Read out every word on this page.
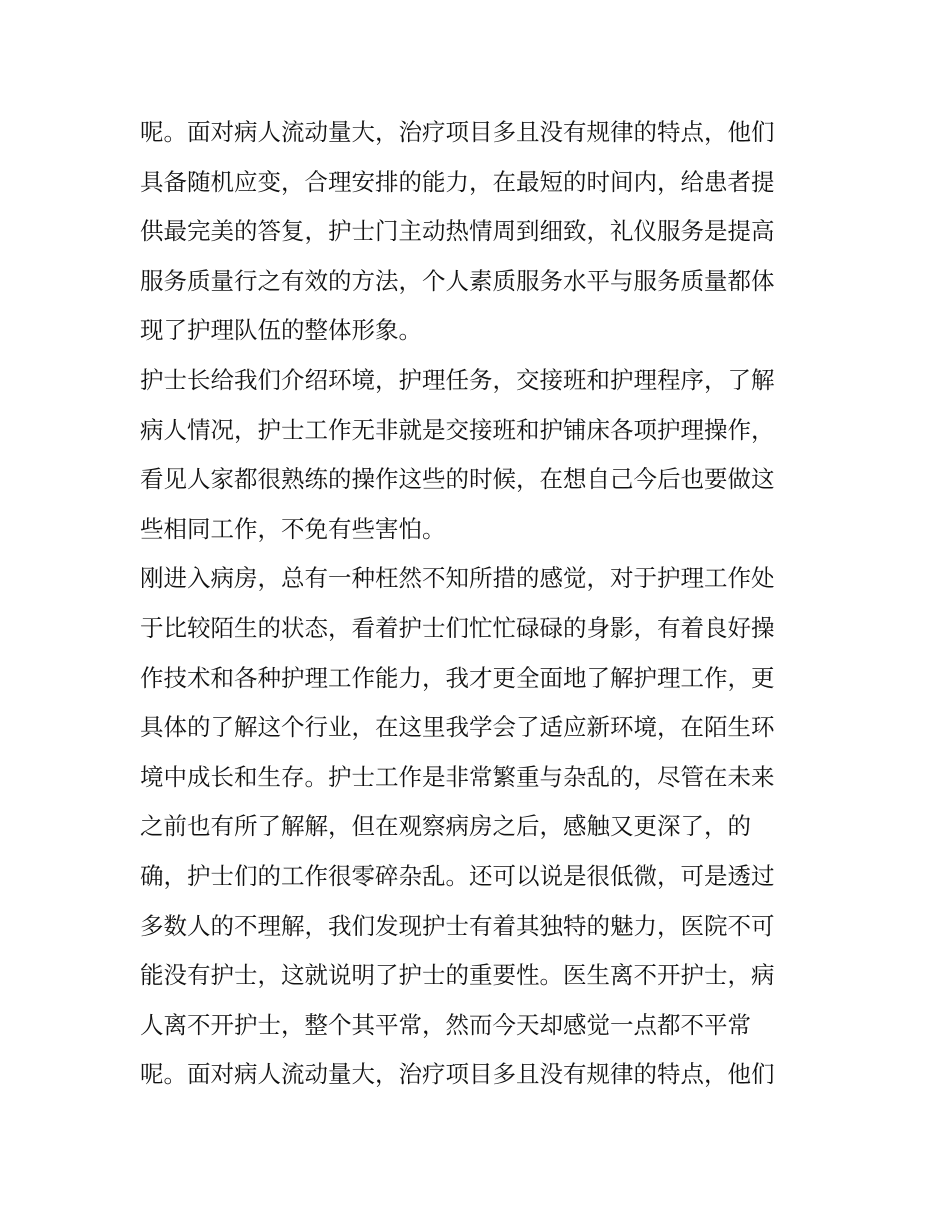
呢。面对病人流动量大，治疗项目多且没有规律的特点，他们
具备随机应变，合理安排的能力，在最短的时间内，给患者提
供最完美的答复，护士门主动热情周到细致，礼仪服务是提高
服务质量行之有效的方法，个人素质服务水平与服务质量都体
现了护理队伍的整体形象。
护士长给我们介绍环境，护理任务，交接班和护理程序，了解
病人情况，护士工作无非就是交接班和护铺床各项护理操作，
看见人家都很熟练的操作这些的时候，在想自己今后也要做这
些相同工作，不免有些害怕。
刚进入病房，总有一种枉然不知所措的感觉，对于护理工作处
于比较陌生的状态，看着护士们忙忙碌碌的身影，有着良好操
作技术和各种护理工作能力，我才更全面地了解护理工作，更
具体的了解这个行业，在这里我学会了适应新环境，在陌生环
境中成长和生存。护士工作是非常繁重与杂乱的，尽管在未来
之前也有所了解解，但在观察病房之后，感触又更深了，的
确，护士们的工作很零碎杂乱。还可以说是很低微，可是透过
多数人的不理解，我们发现护士有着其独特的魅力，医院不可
能没有护士，这就说明了护士的重要性。医生离不开护士，病
人离不开护士，整个其平常，然而今天却感觉一点都不平常
呢。面对病人流动量大，治疗项目多且没有规律的特点，他们
